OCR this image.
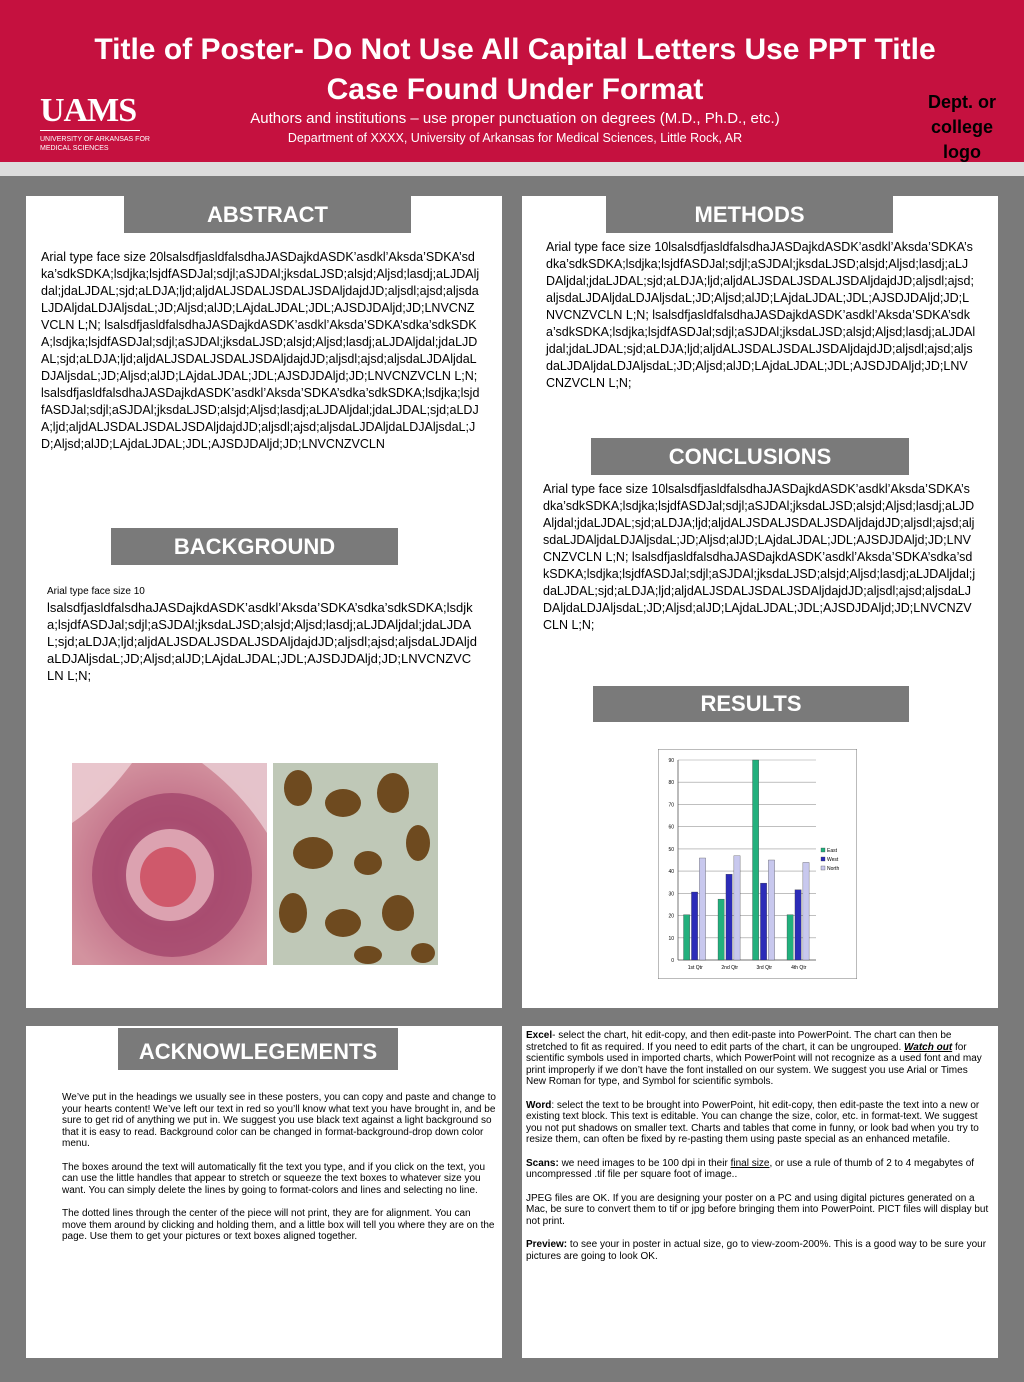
Title of Poster- Do Not Use All Capital Letters Use PPT Title Case Found Under Format
Authors and institutions – use proper punctuation on degrees (M.D., Ph.D., etc.)
Department of XXXX, University of Arkansas for Medical Sciences, Little Rock, AR
UAMS
UNIVERSITY OF ARKANSAS FOR MEDICAL SCIENCES
Dept. or college logo
ABSTRACT
Arial type face size 20lsalsdfjasldfalsdhaJASDajkdASDK’asdkl’Aksda’SDKA’sdka’sdkSDKA;lsdjka;lsjdfASDJal;sdjl;aSJDAl;jksdaLJSD;alsjd;Aljsd;lasdj;aLJDAljdal;jdaLJDAL;sjd;aLDJA;ljd;aljdALJSDALJSDALJSDAljdajdJD;aljsdl;ajsd;aljsdaLJDAljdaLDJAljsdaL;JD;Aljsd;alJD;LAjdaLJDAL;JDL;AJSDJDAljd;JD;LNVCNZVCLN L;N; lsalsdfjasldfalsdhaJASDajkdASDK’asdkl’Aksda’SDKA’sdka’sdkSDKA;lsdjka;lsjdfASDJal;sdjl;aSJDAl;jksdaLJSD;alsjd;Aljsd;lasdj;aLJDAljdal;jdaLJDAL;sjd;aLDJA;ljd;aljdALJSDALJSDALJSDAljdajdJD;aljsdl;ajsd;aljsdaLJDAljdaLDJAljsdaL;JD;Aljsd;alJD;LAjdaLJDAL;JDL;AJSDJDAljd;JD;LNVCNZVCLN L;N; lsalsdfjasldfalsdhaJASDajkdASDK’asdkl’Aksda’SDKA’sdka’sdkSDKA;lsdjka;lsjdfASDJal;sdjl;aSJDAl;jksdaLJSD;alsjd;Aljsd;lasdj;aLJDAljdal;jdaLJDAL;sjd;aLDJA;ljd;aljdALJSDALJSDALJSDAljdajdJD;aljsdl;ajsd;aljsdaLJDAljdaLDJAljsdaL;JD;Aljsd;alJD;LAjdaLJDAL;JDL;AJSDJDAljd;JD;LNVCNZVCLN
BACKGROUND
Arial type face size 10
lsalsdfjasldfalsdhaJASDajkdASDK’asdkl’Aksda’SDKA’sdka’sdkSDKA;lsdjka;lsjdfASDJal;sdjl;aSJDAl;jksdaLJSD;alsjd;Aljsd;lasdj;aLJDAljdal;jdaLJDAL;sjd;aLDJA;ljd;aljdALJSDALJSDALJSDAljdajdJD;aljsdl;ajsd;aljsdaLJDAljdaLDJAljsdaL;JD;Aljsd;alJD;LAjdaLJDAL;JDL;AJSDJDAljd;JD;LNVCNZVCLN L;N;
METHODS
Arial type face size 10lsalsdfjasldfalsdhaJASDajkdASDK’asdkl’Aksda’SDKA’sdka’sdkSDKA;lsdjka;lsjdfASDJal;sdjl;aSJDAl;jksdaLJSD;alsjd;Aljsd;lasdj;aLJDAljdal;jdaLJDAL;sjd;aLDJA;ljd;aljdALJSDALJSDALJSDAljdajdJD;aljsdl;ajsd;aljsdaLJDAljdaLDJAljsdaL;JD;Aljsd;alJD;LAjdaLJDAL;JDL;AJSDJDAljd;JD;LNVCNZVCLN L;N; lsalsdfjasldfalsdhaJASDajkdASDK’asdkl’Aksda’SDKA’sdka’sdkSDKA;lsdjka;lsjdfASDJal;sdjl;aSJDAl;jksdaLJSD;alsjd;Aljsd;lasdj;aLJDAljdal;jdaLJDAL;sjd;aLDJA;ljd;aljdALJSDALJSDALJSDAljdajdJD;aljsdl;ajsd;aljsdaLJDAljdaLDJAljsdaL;JD;Aljsd;alJD;LAjdaLJDAL;JDL;AJSDJDAljd;JD;LNVCNZVCLN L;N;
CONCLUSIONS
Arial type face size 10lsalsdfjasldfalsdhaJASDajkdASDK’asdkl’Aksda’SDKA’sdka’sdkSDKA;lsdjka;lsjdfASDJal;sdjl;aSJDAl;jksdaLJSD;alsjd;Aljsd;lasdj;aLJDAljdal;jdaLJDAL;sjd;aLDJA;ljd;aljdALJSDALJSDALJSDAljdajdJD;aljsdl;ajsd;aljsdaLJDAljdaLDJAljsdaL;JD;Aljsd;alJD;LAjdaLJDAL;JDL;AJSDJDAljd;JD;LNVCNZVCLN L;N; lsalsdfjasldfalsdhaJASDajkdASDK’asdkl’Aksda’SDKA’sdka’sdkSDKA;lsdjka;lsjdfASDJal;sdjl;aSJDAl;jksdaLJSD;alsjd;Aljsd;lasdj;aLJDAljdal;jdaLJDAL;sjd;aLDJA;ljd;aljdALJSDALJSDALJSDAljdajdJD;aljsdl;ajsd;aljsdaLJDAljdaLDJAljsdaL;JD;Aljsd;alJD;LAjdaLJDAL;JDL;AJSDJDAljd;JD;LNVCNZVCLN L;N;
RESULTS
0
10
20
30
40
50
60
70
80
90
1st Qtr	2nd Qtr	3rd Qtr	4th Qtr
East
West
North
ACKNOWLEGEMENTS

We’ve put in the headings we usually see in these posters, you can copy and paste and change to your hearts content! We’ve left our text in red so you’ll know what text you have brought in, and be sure to get rid of anything we put in. We suggest you use black text against a light background so that it is easy to read. Background color can be changed in format-background-drop down color menu.

The boxes around the text will automatically fit the text you type, and if you click on the text, you can use the little handles that appear to stretch or squeeze the text boxes to whatever size you want. You can simply delete the lines by going to format-colors and lines and selecting no line.

The dotted lines through the center of the piece will not print, they are for alignment. You can move them around by clicking and holding them, and a little box will tell you where they are on the page. Use them to get your pictures or text boxes aligned together.

Excel- select the chart, hit edit-copy, and then edit-paste into PowerPoint. The chart can then be stretched to fit as required. If you need to edit parts of the chart, it can be ungrouped. Watch out for scientific symbols used in imported charts, which PowerPoint will not recognize as a used font and may print improperly if we don’t have the font installed on our system. We suggest you use Arial or Times New Roman for type, and Symbol for scientific symbols.

Word: select the text to be brought into PowerPoint, hit edit-copy, then edit-paste the text into a new or existing text block. This text is editable. You can change the size, color, etc. in format-text. We suggest you not put shadows on smaller text. Charts and tables that come in funny, or look bad when you try to resize them, can often be fixed by re-pasting them using paste special as an enhanced metafile.

Scans: we need images to be 100 dpi in their final size, or use a rule of thumb of 2 to 4 megabytes of uncompressed .tif file per square foot of image..

JPEG files are OK. If you are designing your poster on a PC and using digital pictures generated on a Mac, be sure to convert them to tif or jpg before bringing them into PowerPoint. PICT files will display but not print.

Preview: to see your in poster in actual size, go to view-zoom-200%. This is a good way to be sure your pictures are going to look OK.
